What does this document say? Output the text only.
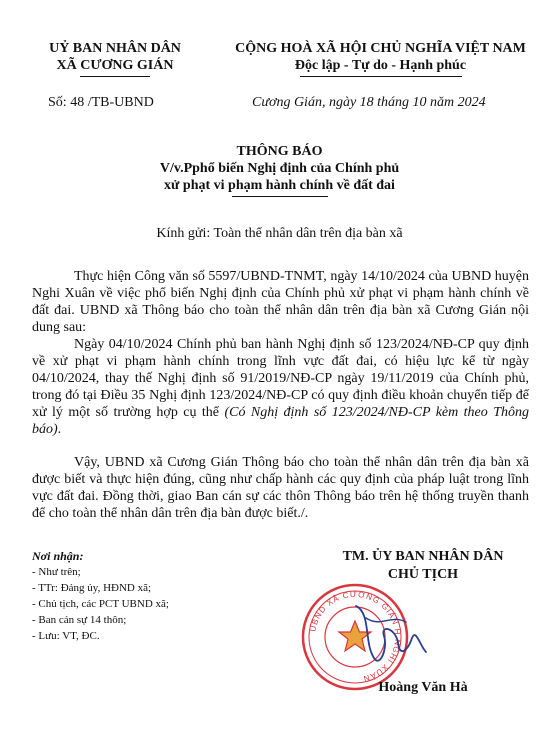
UỶ BAN NHÂN DÂN
XÃ CƯƠNG GIÁN
CỘNG HOÀ XÃ HỘI CHỦ NGHĨA VIỆT NAM
Độc lập - Tự do - Hạnh phúc
Số: 48 /TB-UBND	Cương Gián, ngày 18 tháng 10 năm 2024
THÔNG BÁO
V/v.Pphổ biến Nghị định của Chính phủ
xử phạt vi phạm hành chính về đất đai
Kính gửi: Toàn thể nhân dân trên địa bàn xã
Thực hiện Công văn số 5597/UBND-TNMT, ngày 14/10/2024 của UBND huyện Nghi Xuân về việc phổ biến Nghị định của Chính phủ xử phạt vi phạm hành chính về đất đai. UBND xã Thông báo cho toàn thể nhân dân trên địa bàn xã Cương Gián nội dung sau:
Ngày 04/10/2024 Chính phủ ban hành Nghị định số 123/2024/NĐ-CP quy định về xử phạt vi phạm hành chính trong lĩnh vực đất đai, có hiệu lực kể từ ngày 04/10/2024, thay thế Nghị định số 91/2019/NĐ-CP ngày 19/11/2019 của Chính phủ, trong đó tại Điều 35 Nghị định 123/2024/NĐ-CP có quy định điều khoản chuyển tiếp để xử lý một số trường hợp cụ thể (Có Nghị định số 123/2024/NĐ-CP kèm theo Thông báo).
Vậy, UBND xã Cương Gián Thông báo cho toàn thể nhân dân trên địa bàn xã được biết và thực hiện đúng, cũng như chấp hành các quy định của pháp luật trong lĩnh vực đất đai. Đồng thời, giao Ban cán sự các thôn Thông báo trên hệ thống truyền thanh để cho toàn thể nhân dân trên địa bàn được biết./.
Nơi nhận:
- Như trên;
- TTr: Đảng ủy, HĐND xã;
- Chủ tịch, các PCT UBND xã;
- Ban cán sự 14 thôn;
- Lưu: VT, ĐC.
TM. ỦY BAN NHÂN DÂN
CHỦ TỊCH
UBND XÃ CƯƠNG GIÁN H.NGHI XUÂN
Hoàng Văn Hà
